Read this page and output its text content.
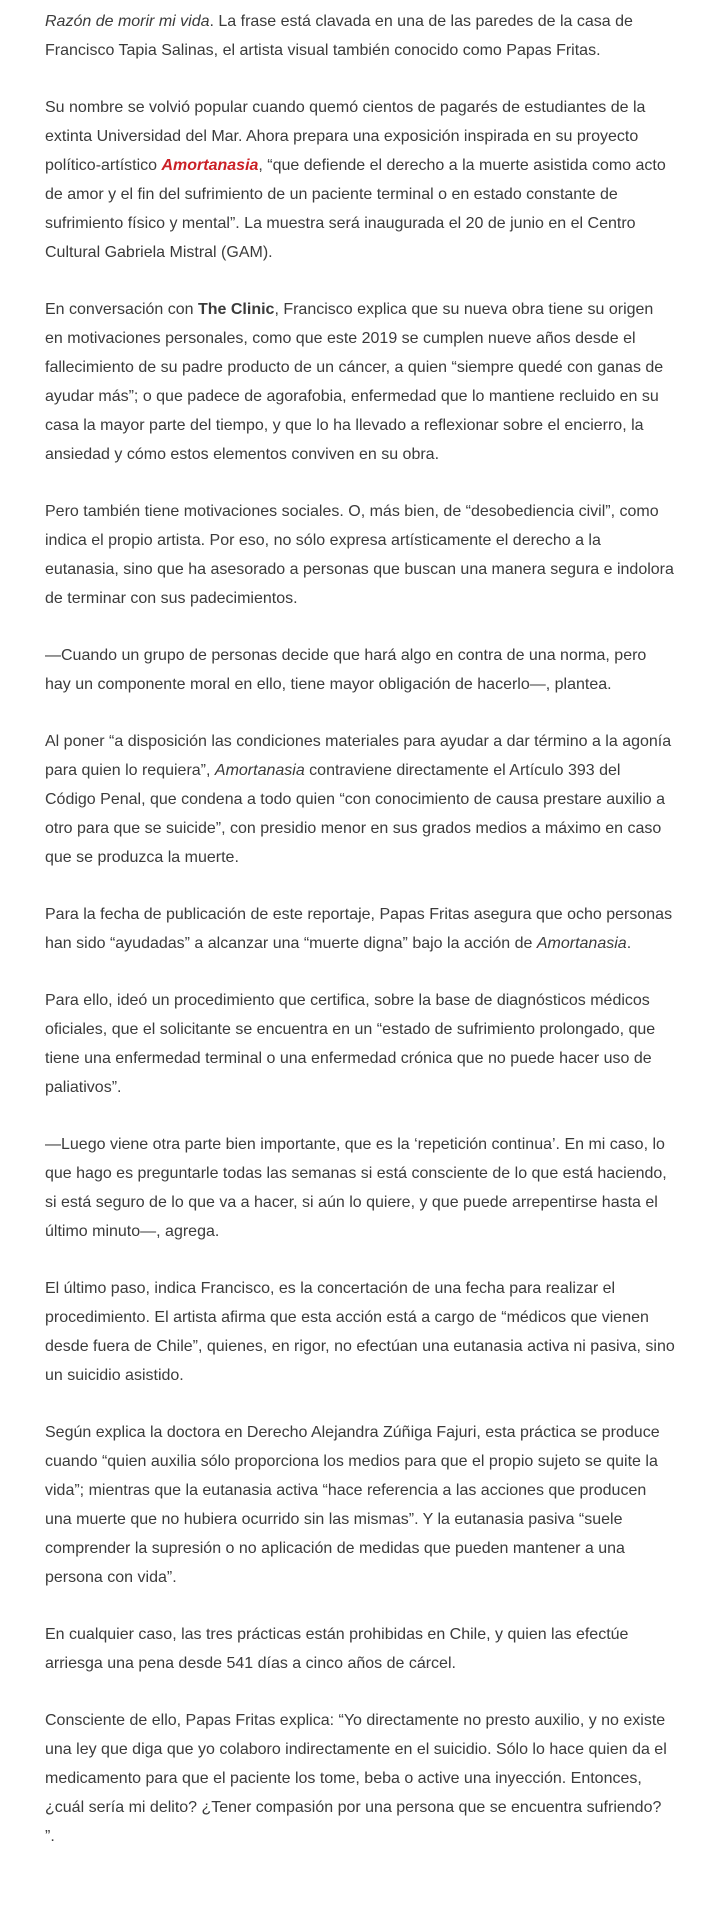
Razón de morir mi vida. La frase está clavada en una de las paredes de la casa de Francisco Tapia Salinas, el artista visual también conocido como Papas Fritas.

Su nombre se volvió popular cuando quemó cientos de pagarés de estudiantes de la extinta Universidad del Mar. Ahora prepara una exposición inspirada en su proyecto político-artístico Amortanasia, “que defiende el derecho a la muerte asistida como acto de amor y el fin del sufrimiento de un paciente terminal o en estado constante de sufrimiento físico y mental”. La muestra será inaugurada el 20 de junio en el Centro Cultural Gabriela Mistral (GAM).

En conversación con The Clinic, Francisco explica que su nueva obra tiene su origen en motivaciones personales, como que este 2019 se cumplen nueve años desde el fallecimiento de su padre producto de un cáncer, a quien “siempre quedé con ganas de ayudar más”; o que padece de agorafobia, enfermedad que lo mantiene recluido en su casa la mayor parte del tiempo, y que lo ha llevado a reflexionar sobre el encierro, la ansiedad y cómo estos elementos conviven en su obra.

Pero también tiene motivaciones sociales. O, más bien, de “desobediencia civil”, como indica el propio artista. Por eso, no sólo expresa artísticamente el derecho a la eutanasia, sino que ha asesorado a personas que buscan una manera segura e indolora de terminar con sus padecimientos.

—Cuando un grupo de personas decide que hará algo en contra de una norma, pero hay un componente moral en ello, tiene mayor obligación de hacerlo—, plantea.

Al poner “a disposición las condiciones materiales para ayudar a dar término a la agonía para quien lo requiera”, Amortanasia contraviene directamente el Artículo 393 del Código Penal, que condena a todo quien “con conocimiento de causa prestare auxilio a otro para que se suicide”, con presidio menor en sus grados medios a máximo en caso que se produzca la muerte.

Para la fecha de publicación de este reportaje, Papas Fritas asegura que ocho personas han sido “ayudadas” a alcanzar una “muerte digna” bajo la acción de Amortanasia.

Para ello, ideó un procedimiento que certifica, sobre la base de diagnósticos médicos oficiales, que el solicitante se encuentra en un “estado de sufrimiento prolongado, que tiene una enfermedad terminal o una enfermedad crónica que no puede hacer uso de paliativos”.

—Luego viene otra parte bien importante, que es la ‘repetición continua’. En mi caso, lo que hago es preguntarle todas las semanas si está consciente de lo que está haciendo, si está seguro de lo que va a hacer, si aún lo quiere, y que puede arrepentirse hasta el último minuto—, agrega.

El último paso, indica Francisco, es la concertación de una fecha para realizar el procedimiento. El artista afirma que esta acción está a cargo de “médicos que vienen desde fuera de Chile”, quienes, en rigor, no efectúan una eutanasia activa ni pasiva, sino un suicidio asistido.

Según explica la doctora en Derecho Alejandra Zúñiga Fajuri, esta práctica se produce cuando “quien auxilia sólo proporciona los medios para que el propio sujeto se quite la vida”; mientras que la eutanasia activa “hace referencia a las acciones que producen una muerte que no hubiera ocurrido sin las mismas”. Y la eutanasia pasiva “suele comprender la supresión o no aplicación de medidas que pueden mantener a una persona con vida”.

En cualquier caso, las tres prácticas están prohibidas en Chile, y quien las efectúe arriesga una pena desde 541 días a cinco años de cárcel.

Consciente de ello, Papas Fritas explica: “Yo directamente no presto auxilio, y no existe una ley que diga que yo colaboro indirectamente en el suicidio. Sólo lo hace quien da el medicamento para que el paciente los tome, beba o active una inyección. Entonces, ¿cuál sería mi delito? ¿Tener compasión por una persona que se encuentra sufriendo? ”.
